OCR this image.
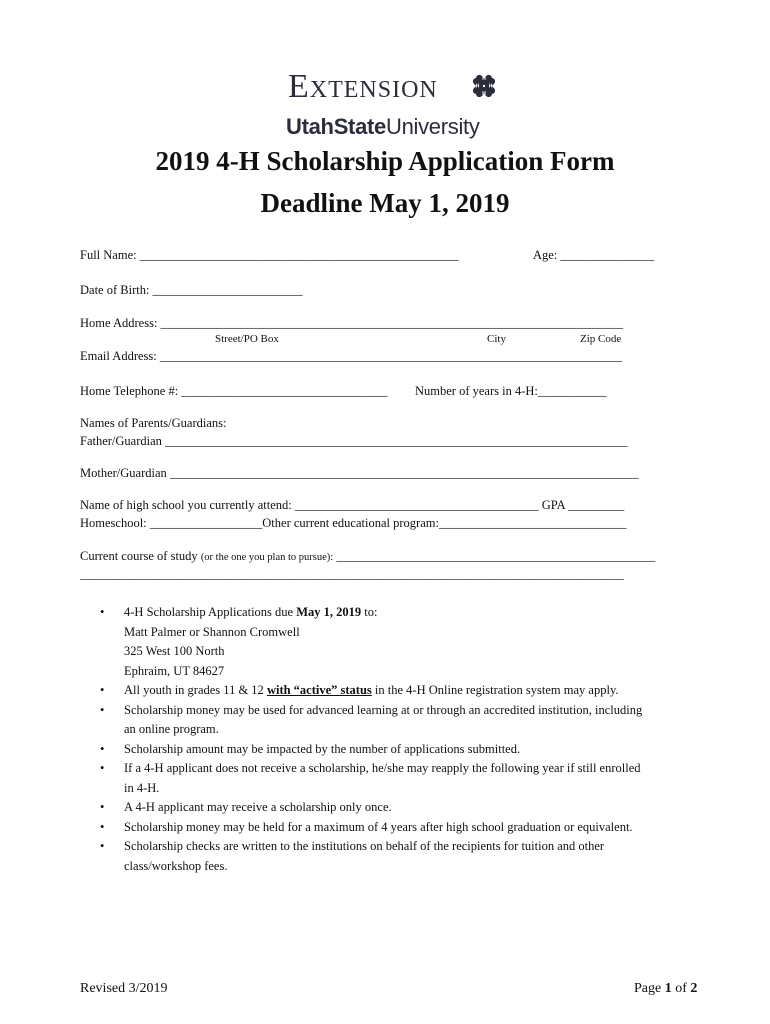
Extension	H
H
H
H
UtahStateUniversity
2019 4-H Scholarship Application Form
Deadline May 1, 2019
Full Name: ___________________________________________________	Age: _______________
Date of Birth: ________________________
Home Address: __________________________________________________________________________
Street/PO Box	City	Zip Code
Email Address: __________________________________________________________________________
Home Telephone #: _________________________________ Number of years in 4-H:___________
Names of Parents/Guardians:
Father/Guardian __________________________________________________________________________
Mother/Guardian ___________________________________________________________________________
Name of high school you currently attend: _______________________________________ GPA _________
Homeschool: __________________Other current educational program:______________________________
Current course of study (or the one you plan to pursue): ___________________________________________________
_______________________________________________________________________________________
• 4-H Scholarship Applications due May 1, 2019 to:
Matt Palmer or Shannon Cromwell
325 West 100 North
Ephraim, UT 84627
• All youth in grades 11 & 12 with “active” status in the 4-H Online registration system may apply.
• Scholarship money may be used for advanced learning at or through an accredited institution, including
an online program.
• Scholarship amount may be impacted by the number of applications submitted.
• If a 4-H applicant does not receive a scholarship, he/she may reapply the following year if still enrolled
in 4-H.
• A 4-H applicant may receive a scholarship only once.
• Scholarship money may be held for a maximum of 4 years after high school graduation or equivalent.
• Scholarship checks are written to the institutions on behalf of the recipients for tuition and other
class/workshop fees.
Revised 3/2019	Page 1 of 2
